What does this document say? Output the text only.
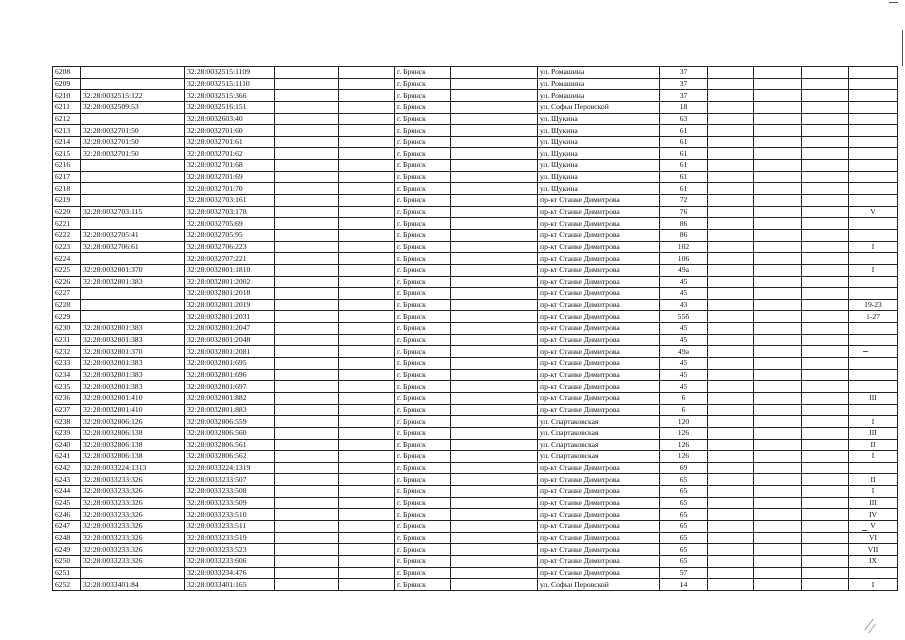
6208		32:28:0032515:1109			г. Брянск		ул. Ромашина	37				
6209		32:28:0032515:1110			г. Брянск		ул. Ромашина	37				
6210	32:28:0032515:122	32:28:0032515:366			г. Брянск		ул. Ромашина	37				
6211	32:28:0032509:53	32:28:0032516:151			г. Брянск		ул. Софьи Перовской	18				
6212		32:28:0032603:40			г. Брянск		ул. Щукина	63				
6213	32:28:0032701:50	32:28:0032701:60			г. Брянск		ул. Щукина	61				
6214	32:28:0032701:50	32:28:0032701:61			г. Брянск		ул. Щукина	61				
6215	32:28:0032701:50	32:28:0032701:62			г. Брянск		ул. Щукина	61				
6216		32:28:0032701:68			г. Брянск		ул. Щукина	61				
6217		32:28:0032701:69			г. Брянск		ул. Щукина	61				
6218		32:28:0032701:70			г. Брянск		ул. Щукина	61				
6219		32:28:0032703:161			г. Брянск		пр-кт Станке Димитрова	72				
6220	32:28:0032703:115	32:28:0032703:178			г. Брянск		пр-кт Станке Димитрова	76				V
6221		32:28:0032705:69			г. Брянск		пр-кт Станке Димитрова	86				
6222	32:28:0032705:41	32:28:0032705:95			г. Брянск		пр-кт Станке Димитрова	86				
6223	32:28:0032706:61	32:28:0032706:223			г. Брянск		пр-кт Станке Димитрова	102				I
6224		32:28:0032707:221			г. Брянск		пр-кт Станке Димитрова	106				
6225	32:28:0032801:370	32:28:0032801:1810			г. Брянск		пр-кт Станке Димитрова	49а				I
6226	32:28:0032801:383	32:28:0032801:2002			г. Брянск		пр-кт Станке Димитрова	45				
6227		32:28:0032801:2018			г. Брянск		пр-кт Станке Димитрова	45				
6228		32:28:0032801:2019			г. Брянск		пр-кт Станке Димитрова	43				19-23
6229		32:28:0032801:2031			г. Брянск		пр-кт Станке Димитрова	55б				1-27
6230	32:28:0032801:383	32:28:0032801:2047			г. Брянск		пр-кт Станке Димитрова	45				
6231	32:28:0032801:383	32:28:0032801:2048			г. Брянск		пр-кт Станке Димитрова	45				
6232	32:28:0032801:370	32:28:0032801:2081			г. Брянск		пр-кт Станке Димитрова	49а				
6233	32:28:0032801:383	32:28:0032801:695			г. Брянск		пр-кт Станке Димитрова	45				
6234	32:28:0032801:383	32:28:0032801:696			г. Брянск		пр-кт Станке Димитрова	45				
6235	32:28:0032801:383	32:28:0032801:697			г. Брянск		пр-кт Станке Димитрова	45				
6236	32:28:0032801:410	32:28:0032801:882			г. Брянск		пр-кт Станке Димитрова	6				III
6237	32:28:0032801:410	32:28:0032801:883			г. Брянск		пр-кт Станке Димитрова	6				
6238	32:28:0032806:126	32:28:0032806:559			г. Брянск		ул. Спартаковская	120				I
6239	32:28:0032806:138	32:28:0032806:560			г. Брянск		ул. Спартаковская	126				III
6240	32:28:0032806:138	32:28:0032806:561			г. Брянск		ул. Спартаковская	126				II
6241	32:28:0032806:138	32:28:0032806:562			г. Брянск		ул. Спартаковская	126				I
6242	32:28:0033224:1313	32:28:0033224:1319			г. Брянск		пр-кт Станке Димитрова	69				
6243	32:28:0033233:326	32:28:0033233:507			г. Брянск		пр-кт Станке Димитрова	65				II
6244	32:28:0033233:326	32:28:0033233:508			г. Брянск		пр-кт Станке Димитрова	65				I
6245	32:28:0033233:326	32:28:0033233:509			г. Брянск		пр-кт Станке Димитрова	65				III
6246	32:28:0033233:326	32:28:0033233:510			г. Брянск		пр-кт Станке Димитрова	65				IV
6247	32:28:0033233:326	32:28:0033233:511			г. Брянск		пр-кт Станке Димитрова	65				V
6248	32:28:0033233:326	32:28:0033233:519			г. Брянск		пр-кт Станке Димитрова	65				VI
6249	32:28:0033233:326	32:28:0033233:523			г. Брянск		пр-кт Станке Димитрова	65				VII
6250	32:28:0033233:326	32:28:0033233:606			г. Брянск		пр-кт Станке Димитрова	65				IX
6251		32:28:0033234:476			г. Брянск		пр-кт Станке Димитрова	57				
6252	32:28:0033401:84	32:28:0033401:165			г. Брянск		ул. Софьи Перовской	14				I
